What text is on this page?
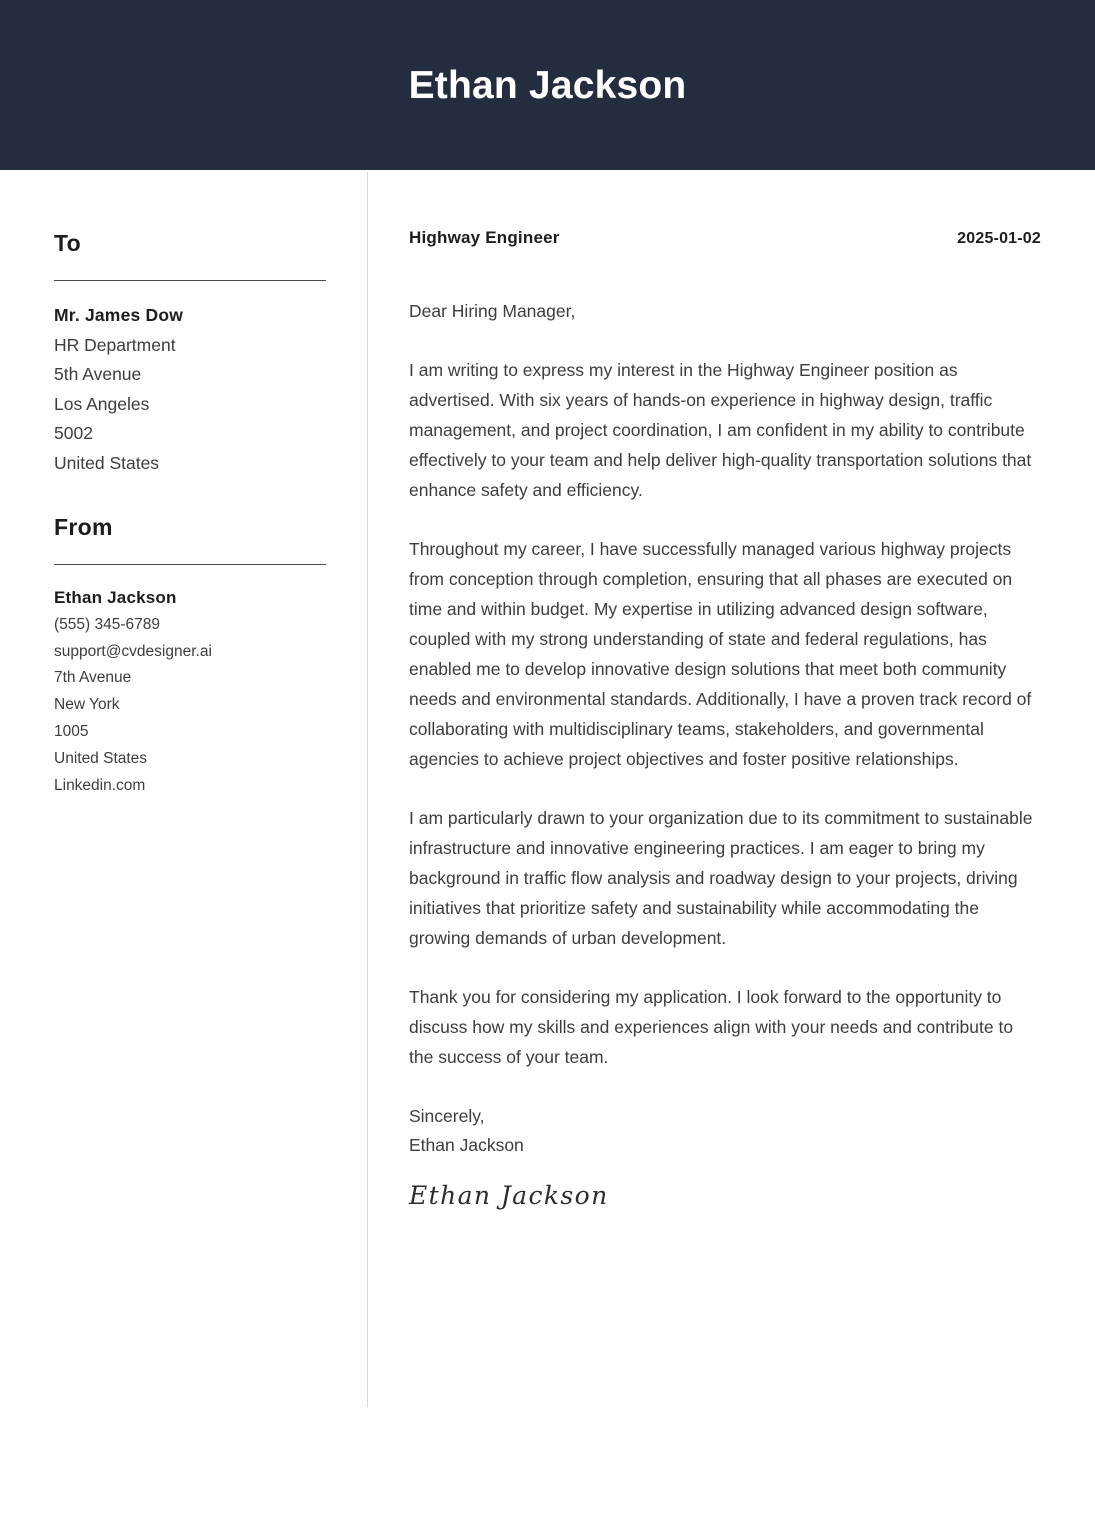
Ethan Jackson
To
Mr. James Dow
HR Department
5th Avenue
Los Angeles
5002
United States
From
Ethan Jackson
(555) 345-6789
support@cvdesigner.ai
7th Avenue
New York
1005
United States
Linkedin.com
Highway Engineer	2025-01-02
Dear Hiring Manager,

I am writing to express my interest in the Highway Engineer position as advertised. With six years of hands-on experience in highway design, traffic management, and project coordination, I am confident in my ability to contribute effectively to your team and help deliver high-quality transportation solutions that enhance safety and efficiency.

Throughout my career, I have successfully managed various highway projects from conception through completion, ensuring that all phases are executed on time and within budget. My expertise in utilizing advanced design software, coupled with my strong understanding of state and federal regulations, has enabled me to develop innovative design solutions that meet both community needs and environmental standards. Additionally, I have a proven track record of collaborating with multidisciplinary teams, stakeholders, and governmental agencies to achieve project objectives and foster positive relationships.

I am particularly drawn to your organization due to its commitment to sustainable infrastructure and innovative engineering practices. I am eager to bring my background in traffic flow analysis and roadway design to your projects, driving initiatives that prioritize safety and sustainability while accommodating the growing demands of urban development.

Thank you for considering my application. I look forward to the opportunity to discuss how my skills and experiences align with your needs and contribute to the success of your team.

Sincerely,
Ethan Jackson
Ethan Jackson
